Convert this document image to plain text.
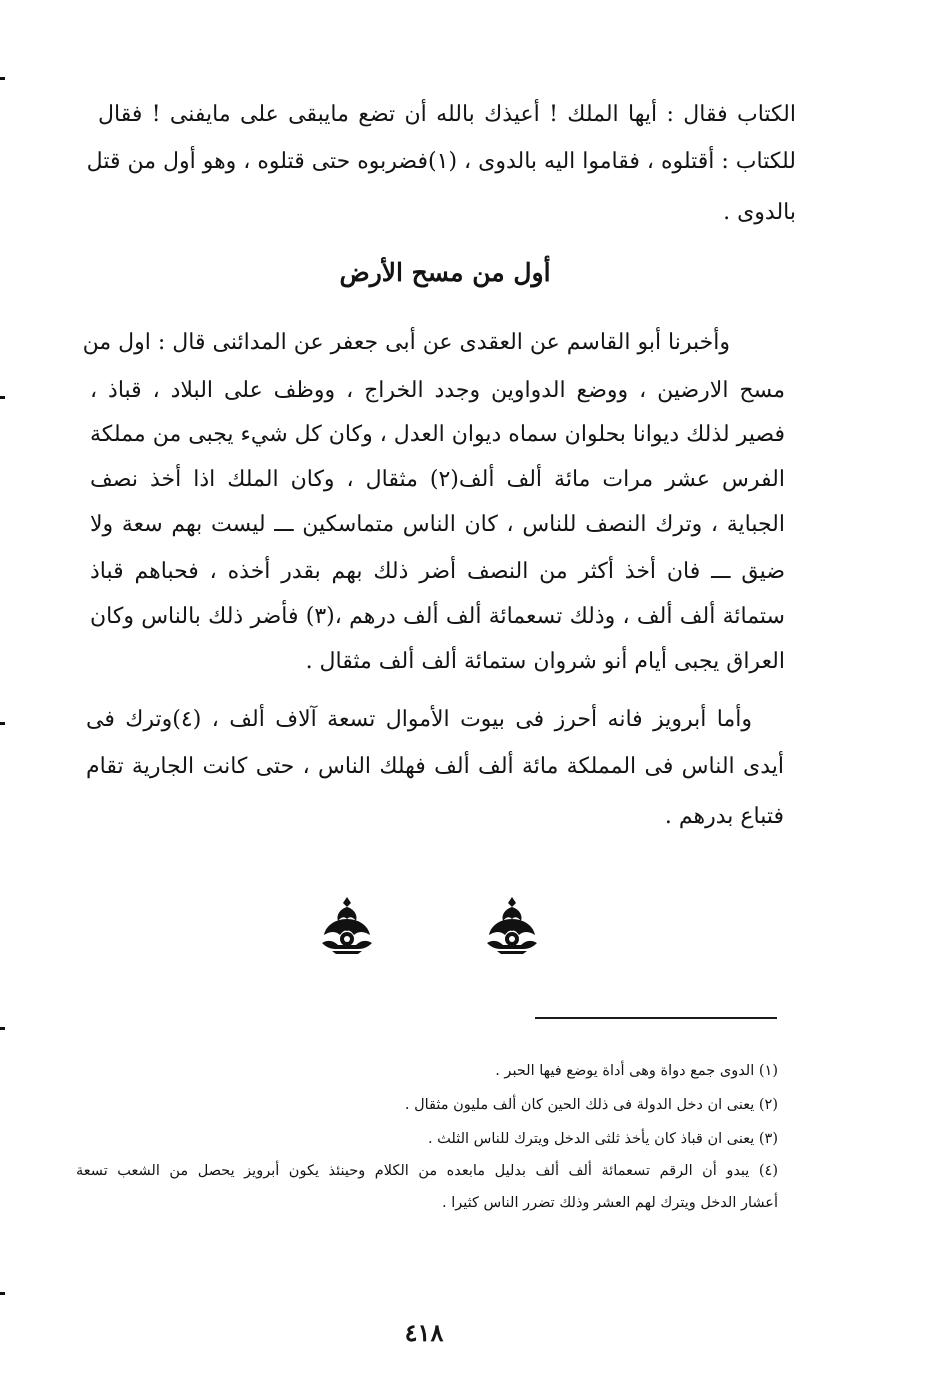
الكتاب فقال : أيها الملك ! أعيذك بالله أن تضع مايبقى على مايفنى ! فقال
للكتاب : أقتلوه ، فقاموا اليه بالدوى ، (١)فضربوه حتى قتلوه ، وهو أول من قتل
بالدوى .
أول من مسح الأرض
وأخبرنا أبو القاسم عن العقدى عن أبى جعفر عن المدائنى قال : اول من
مسح الارضين ، ووضع الدواوين وجدد الخراج ، ووظف على البلاد ، قباذ ،
فصير لذلك ديوانا بحلوان سماه ديوان العدل ، وكان كل شيء يجبى من مملكة
الفرس عشر مرات مائة ألف ألف(٢) مثقال ، وكان الملك اذا أخذ نصف
الجباية ، وترك النصف للناس ، كان الناس متماسكين ـــ ليست بهم سعة ولا
ضيق ـــ فان أخذ أكثر من النصف أضر ذلك بهم بقدر أخذه ، فحباهم قباذ
ستمائة ألف ألف ، وذلك تسعمائة ألف ألف درهم ،(٣) فأضر ذلك بالناس وكان
العراق يجبى أيام أنو شروان ستمائة ألف ألف مثقال .
وأما أبرويز فانه أحرز فى بيوت الأموال تسعة آلاف ألف ، (٤)وترك فى
أيدى الناس فى المملكة مائة ألف ألف فهلك الناس ، حتى كانت الجارية تقام
فتباع بدرهم .
(١) الدوى جمع دواة وهى أداة يوضع فيها الحبر .
(٢) يعنى ان دخل الدولة فى ذلك الحين كان ألف مليون مثقال .
(٣) يعنى ان قباذ كان يأخذ ثلثى الدخل ويترك للناس الثلث .
(٤) يبدو أن الرقم تسعمائة ألف ألف بدليل مابعده من الكلام وحينئذ يكون أبرويز يحصل من الشعب تسعة
أعشار الدخل ويترك لهم العشر وذلك تضرر الناس كثيرا .
٤١٨
